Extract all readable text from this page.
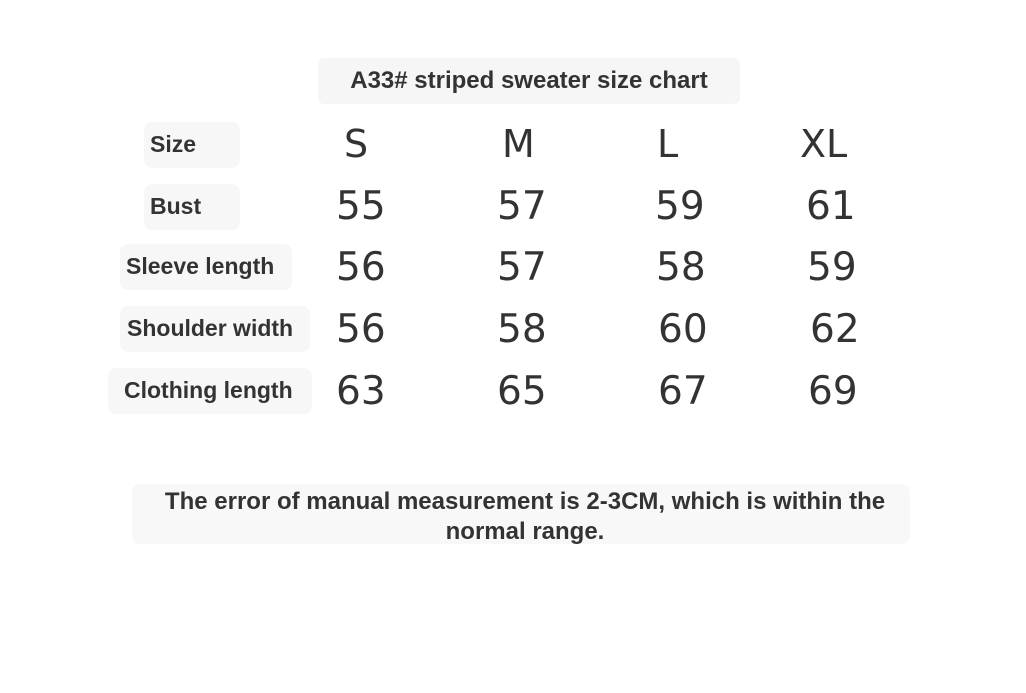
A33# striped sweater size chart
Size	S	M	L	XL
Bust	55	57	59	61
Sleeve length 56	57	58	59
Shoulder width 56	58	60	62
Clothing length 63	65	67	69
The error of manual measurement is 2-3CM, which is within the normal range.
